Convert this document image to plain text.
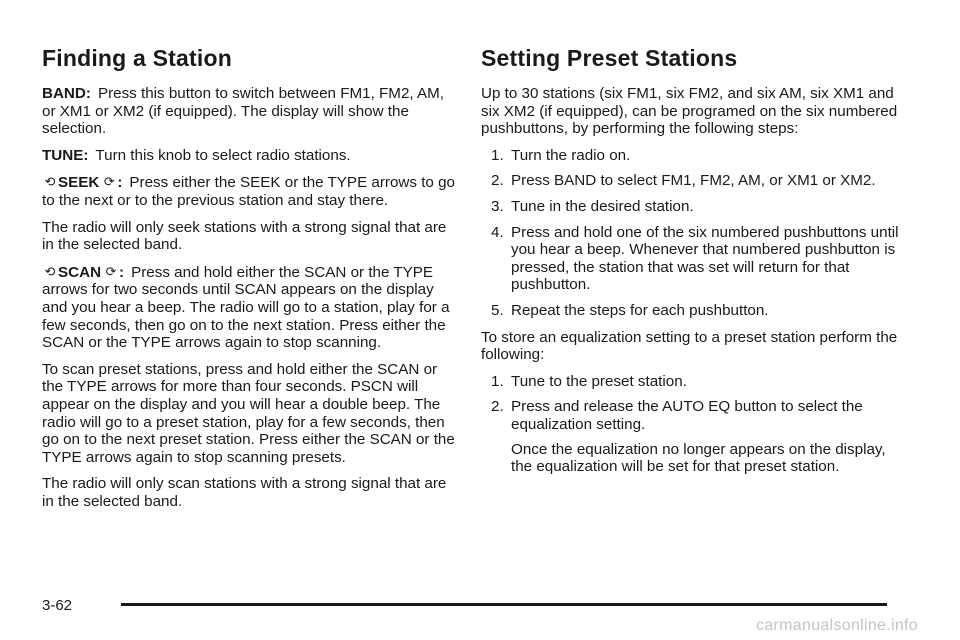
Finding a Station

BAND: Press this button to switch between FM1, FM2, AM, or XM1 or XM2 (if equipped). The display will show the selection.

TUNE: Turn this knob to select radio stations.

⟲ SEEK ⟳ : Press either the SEEK or the TYPE arrows to go to the next or to the previous station and stay there.

The radio will only seek stations with a strong signal that are in the selected band.

⟲ SCAN ⟳ : Press and hold either the SCAN or the TYPE arrows for two seconds until SCAN appears on the display and you hear a beep. The radio will go to a station, play for a few seconds, then go on to the next station. Press either the SCAN or the TYPE arrows again to stop scanning.

To scan preset stations, press and hold either the SCAN or the TYPE arrows for more than four seconds. PSCN will appear on the display and you will hear a double beep. The radio will go to a preset station, play for a few seconds, then go on to the next preset station. Press either the SCAN or the TYPE arrows again to stop scanning presets.

The radio will only scan stations with a strong signal that are in the selected band.

Setting Preset Stations

Up to 30 stations (six FM1, six FM2, and six AM, six XM1 and six XM2 (if equipped), can be programed on the six numbered pushbuttons, by performing the following steps:

1. Turn the radio on.
2. Press BAND to select FM1, FM2, AM, or XM1 or XM2.
3. Tune in the desired station.
4. Press and hold one of the six numbered pushbuttons until you hear a beep. Whenever that numbered pushbutton is pressed, the station that was set will return for that pushbutton.
5. Repeat the steps for each pushbutton.

To store an equalization setting to a preset station perform the following:

1. Tune to the preset station.
2. Press and release the AUTO EQ button to select the equalization setting.

Once the equalization no longer appears on the display, the equalization will be set for that preset station.

3-62
carmanualsonline.info
